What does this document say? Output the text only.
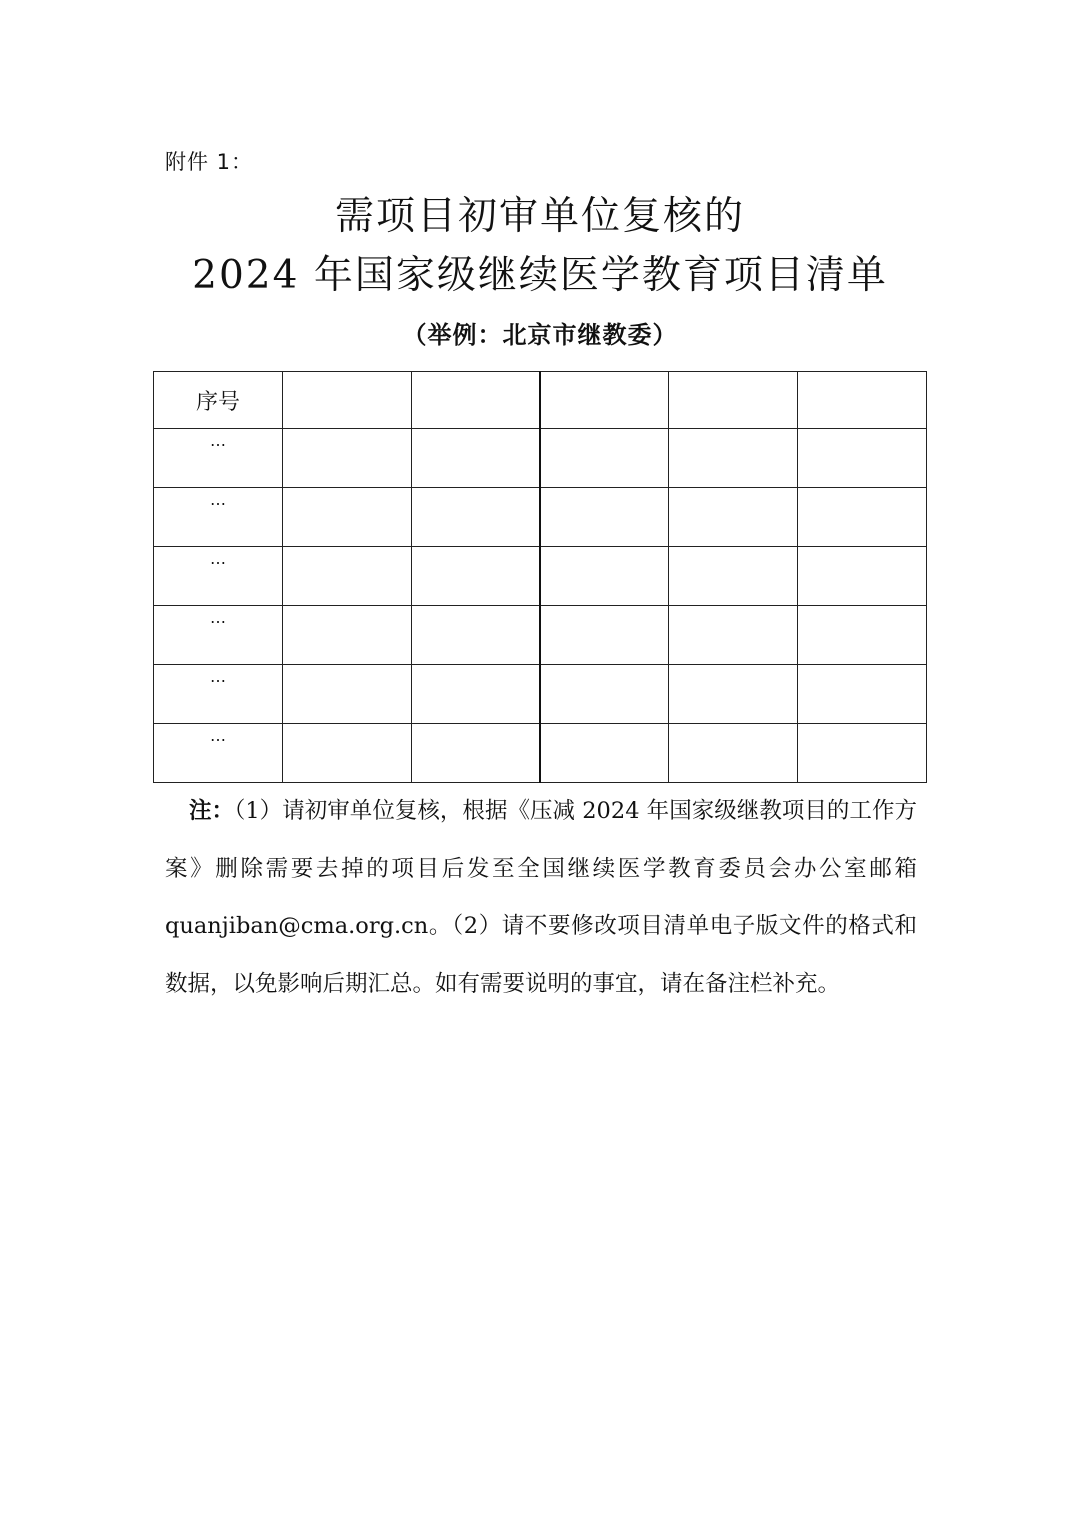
附件 1：
需项目初审单位复核的
2024 年国家级继续医学教育项目清单
（举例：北京市继教委）
序号					
…					
…					
…					
…					
…					
…					
注：（1）请初审单位复核，根据《压减 2024 年国家级继教项目的工作方案》删除需要去掉的项目后发至全国继续医学教育委员会办公室邮箱 quanjiban@cma.org.cn。（2）请不要修改项目清单电子版文件的格式和数据，以免影响后期汇总。如有需要说明的事宜，请在备注栏补充。
